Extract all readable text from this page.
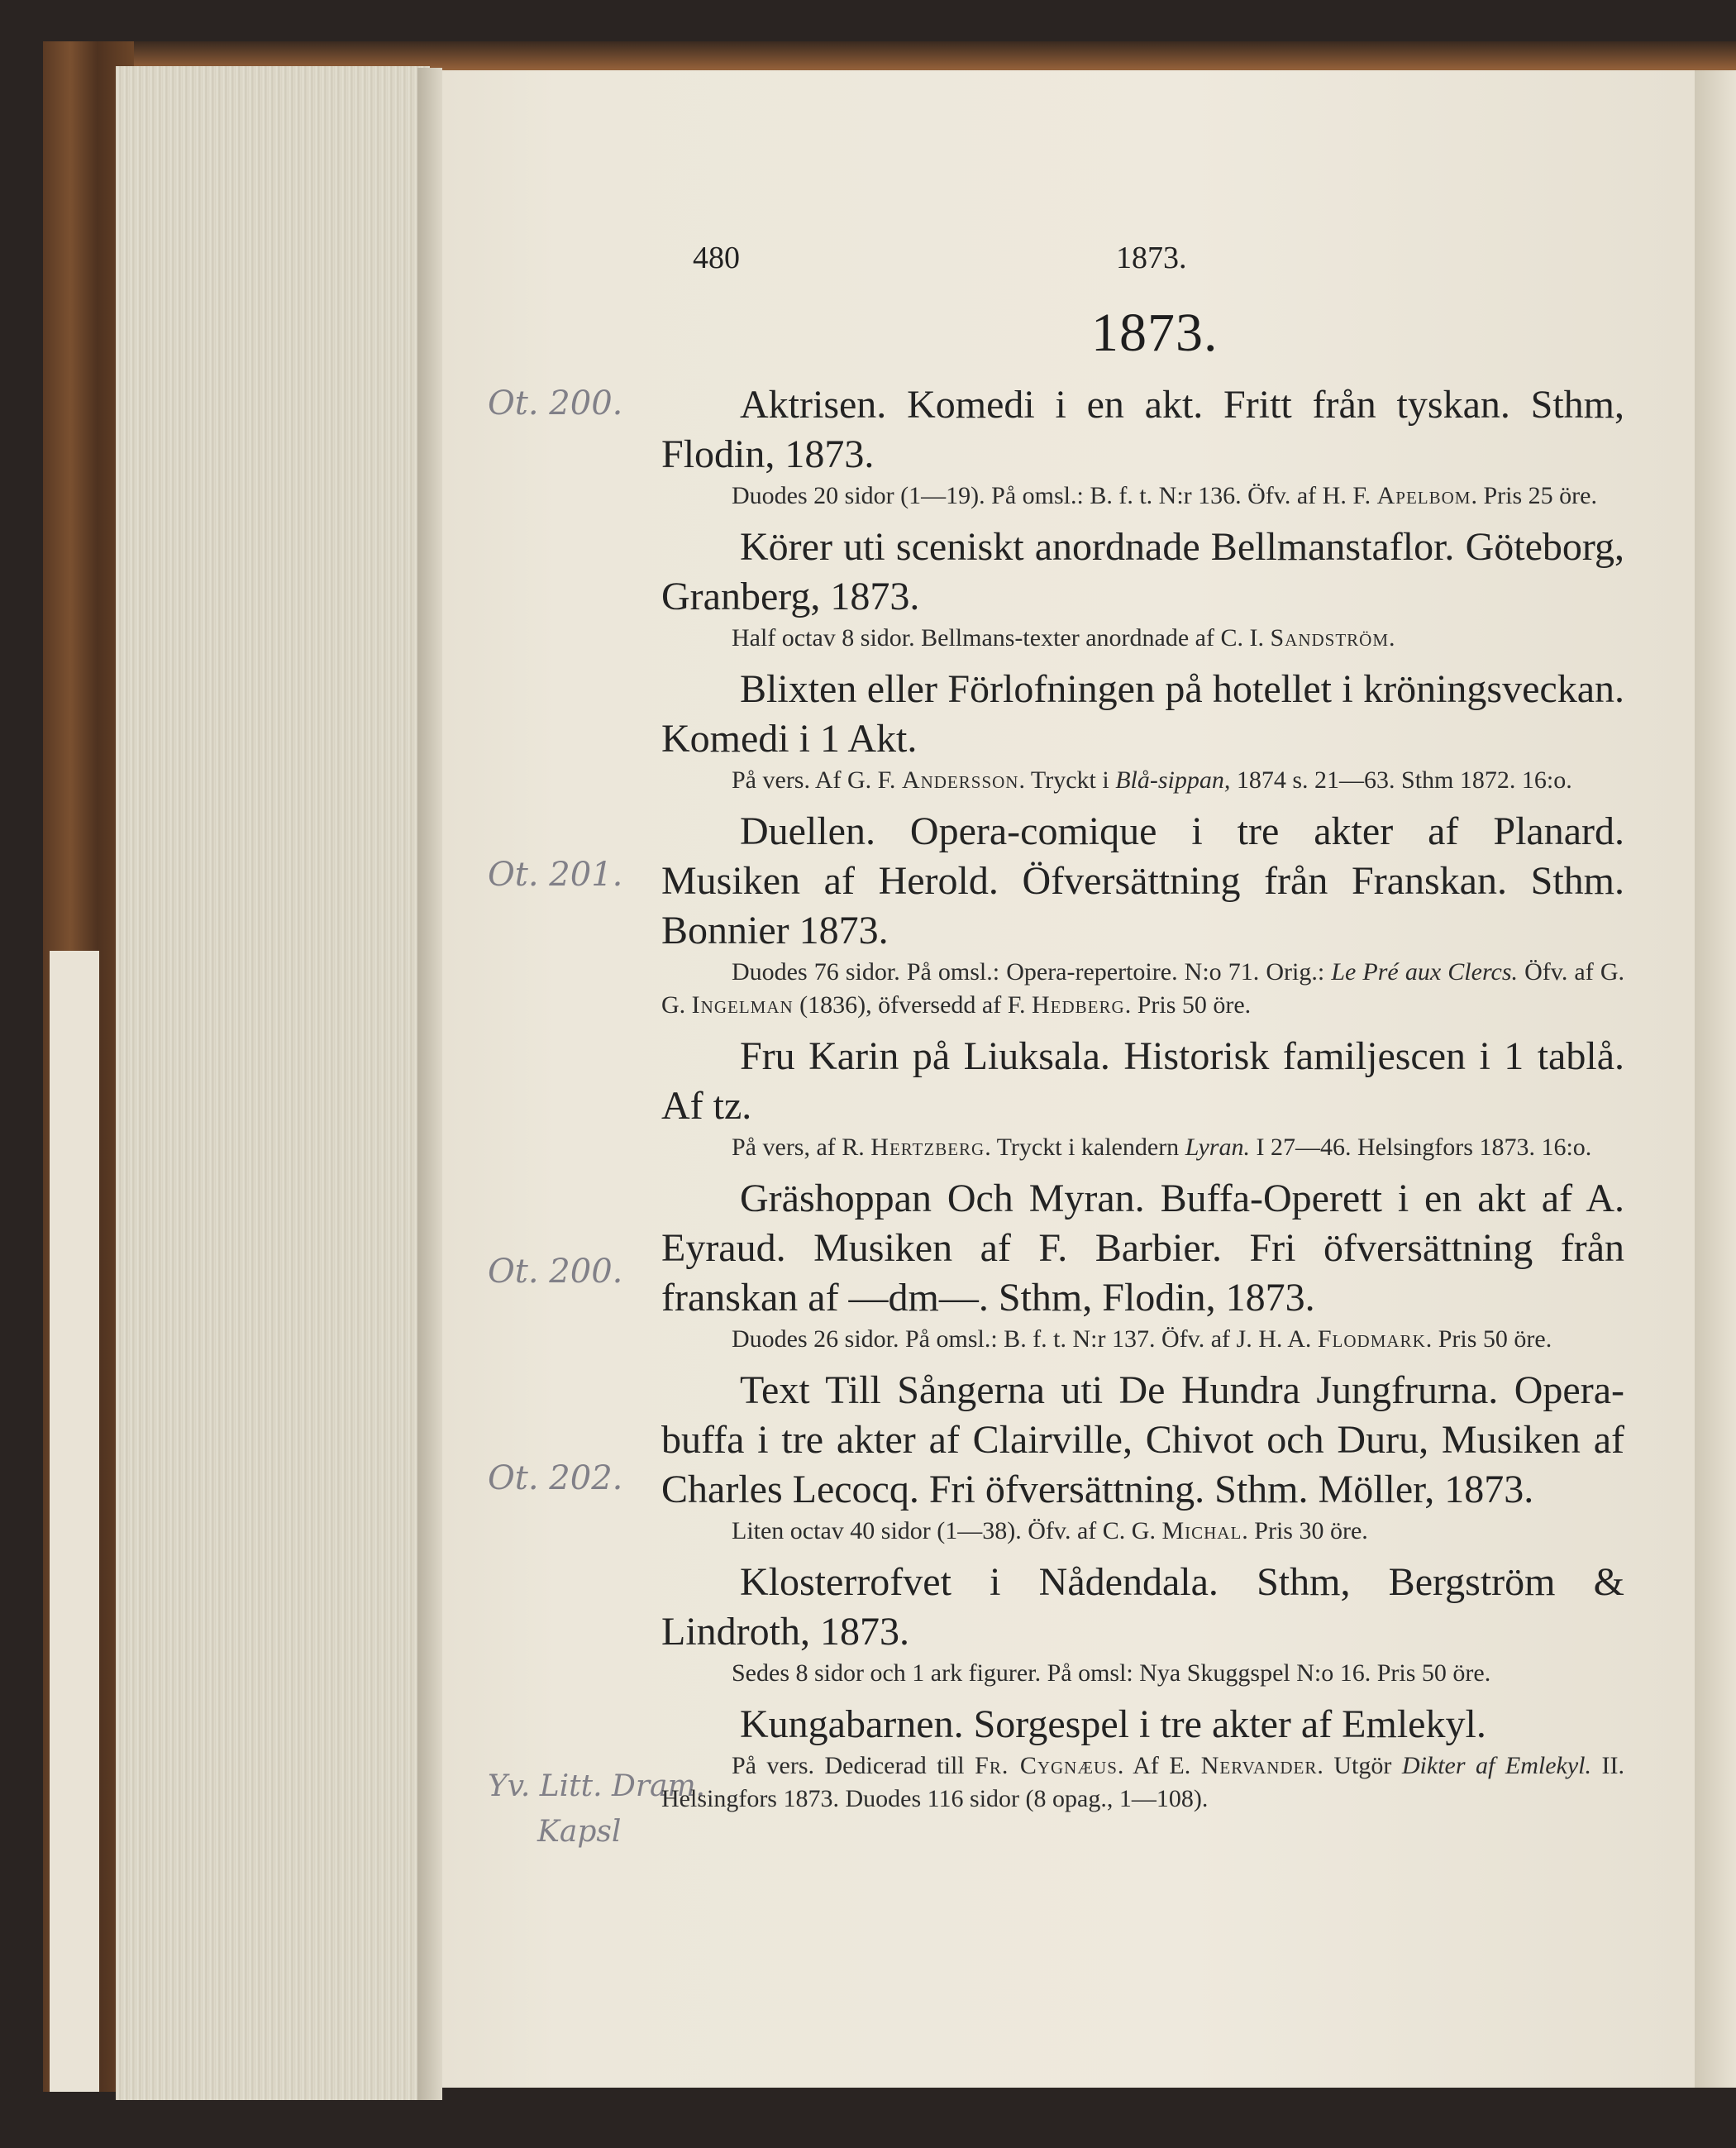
480	1873.
1873.
Ot. 200.
Ot. 201.
Ot. 200.
Ot. 202.
Yv. Litt. Dram.
Kapsl

Aktrisen. Komedi i en akt. Fritt från tyskan. Sthm, Flodin, 1873.

Duodes 20 sidor (1—19). På omsl.: B. f. t. N:r 136. Öfv. af H. F. Apelbom. Pris 25 öre.

Körer uti sceniskt anordnade Bellmanstaflor. Göteborg, Granberg, 1873.

Half octav 8 sidor. Bellmans-texter anordnade af C. I. Sandström.

Blixten eller Förlofningen på hotellet i kröningsveckan. Komedi i 1 Akt.

På vers. Af G. F. Andersson. Tryckt i Blå-sippan, 1874 s. 21—63. Sthm 1872. 16:o.

Duellen. Opera-comique i tre akter af Planard. Musiken af Herold. Öfversättning från Franskan. Sthm. Bonnier 1873.

Duodes 76 sidor. På omsl.: Opera-repertoire. N:o 71. Orig.: Le Pré aux Clercs. Öfv. af G. G. Ingelman (1836), öfversedd af F. Hedberg. Pris 50 öre.

Fru Karin på Liuksala. Historisk familjescen i 1 tablå. Af tz.

På vers, af R. Hertzberg. Tryckt i kalendern Lyran. I 27—46. Helsingfors 1873. 16:o.

Gräshoppan Och Myran. Buffa-Operett i en akt af A. Eyraud. Musiken af F. Barbier. Fri öfversättning från franskan af —dm—. Sthm, Flodin, 1873.

Duodes 26 sidor. På omsl.: B. f. t. N:r 137. Öfv. af J. H. A. Flodmark. Pris 50 öre.

Text Till Sångerna uti De Hundra Jungfrurna. Opera-buffa i tre akter af Clairville, Chivot och Duru, Musiken af Charles Lecocq. Fri öfversättning. Sthm. Möller, 1873.

Liten octav 40 sidor (1—38). Öfv. af C. G. Michal. Pris 30 öre.

Klosterrofvet i Nådendala. Sthm, Bergström & Lindroth, 1873.

Sedes 8 sidor och 1 ark figurer. På omsl: Nya Skuggspel N:o 16. Pris 50 öre.

Kungabarnen. Sorgespel i tre akter af Emlekyl.

På vers. Dedicerad till Fr. Cygnæus. Af E. Nervander. Utgör Dikter af Emlekyl. II. Helsingfors 1873. Duodes 116 sidor (8 opag., 1—108).
